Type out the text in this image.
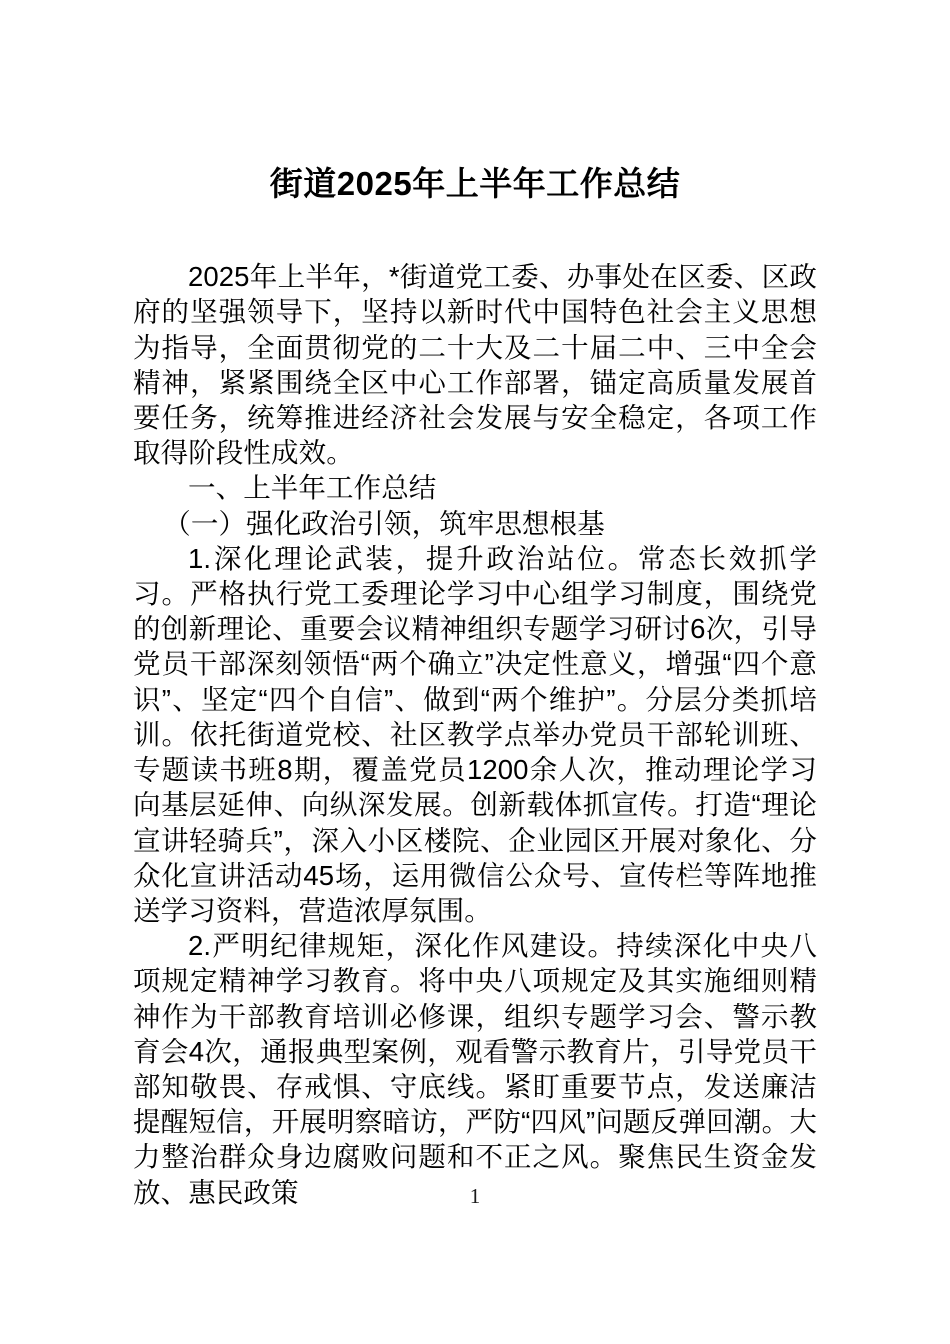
街道2025年上半年工作总结

2025年上半年，*街道党工委、办事处在区委、区政府的坚强领导下，坚持以新时代中国特色社会主义思想为指导，全面贯彻党的二十大及二十届二中、三中全会精神，紧紧围绕全区中心工作部署，锚定高质量发展首要任务，统筹推进经济社会发展与安全稳定，各项工作取得阶段性成效。

一、上半年工作总结

（一）强化政治引领，筑牢思想根基

1.深化理论武装，提升政治站位。常态长效抓学习。严格执行党工委理论学习中心组学习制度，围绕党的创新理论、重要会议精神组织专题学习研讨6次，引导党员干部深刻领悟“两个确立”决定性意义，增强“四个意识”、坚定“四个自信”、做到“两个维护”。分层分类抓培训。依托街道党校、社区教学点举办党员干部轮训班、专题读书班8期，覆盖党员1200余人次，推动理论学习向基层延伸、向纵深发展。创新载体抓宣传。打造“理论宣讲轻骑兵”，深入小区楼院、企业园区开展对象化、分众化宣讲活动45场，运用微信公众号、宣传栏等阵地推送学习资料，营造浓厚氛围。

2.严明纪律规矩，深化作风建设。持续深化中央八项规定精神学习教育。将中央八项规定及其实施细则精神作为干部教育培训必修课，组织专题学习会、警示教育会4次，通报典型案例，观看警示教育片，引导党员干部知敬畏、存戒惧、守底线。紧盯重要节点，发送廉洁提醒短信，开展明察暗访，严防“四风”问题反弹回潮。大力整治群众身边腐败问题和不正之风。聚焦民生资金发放、惠民政策	1
